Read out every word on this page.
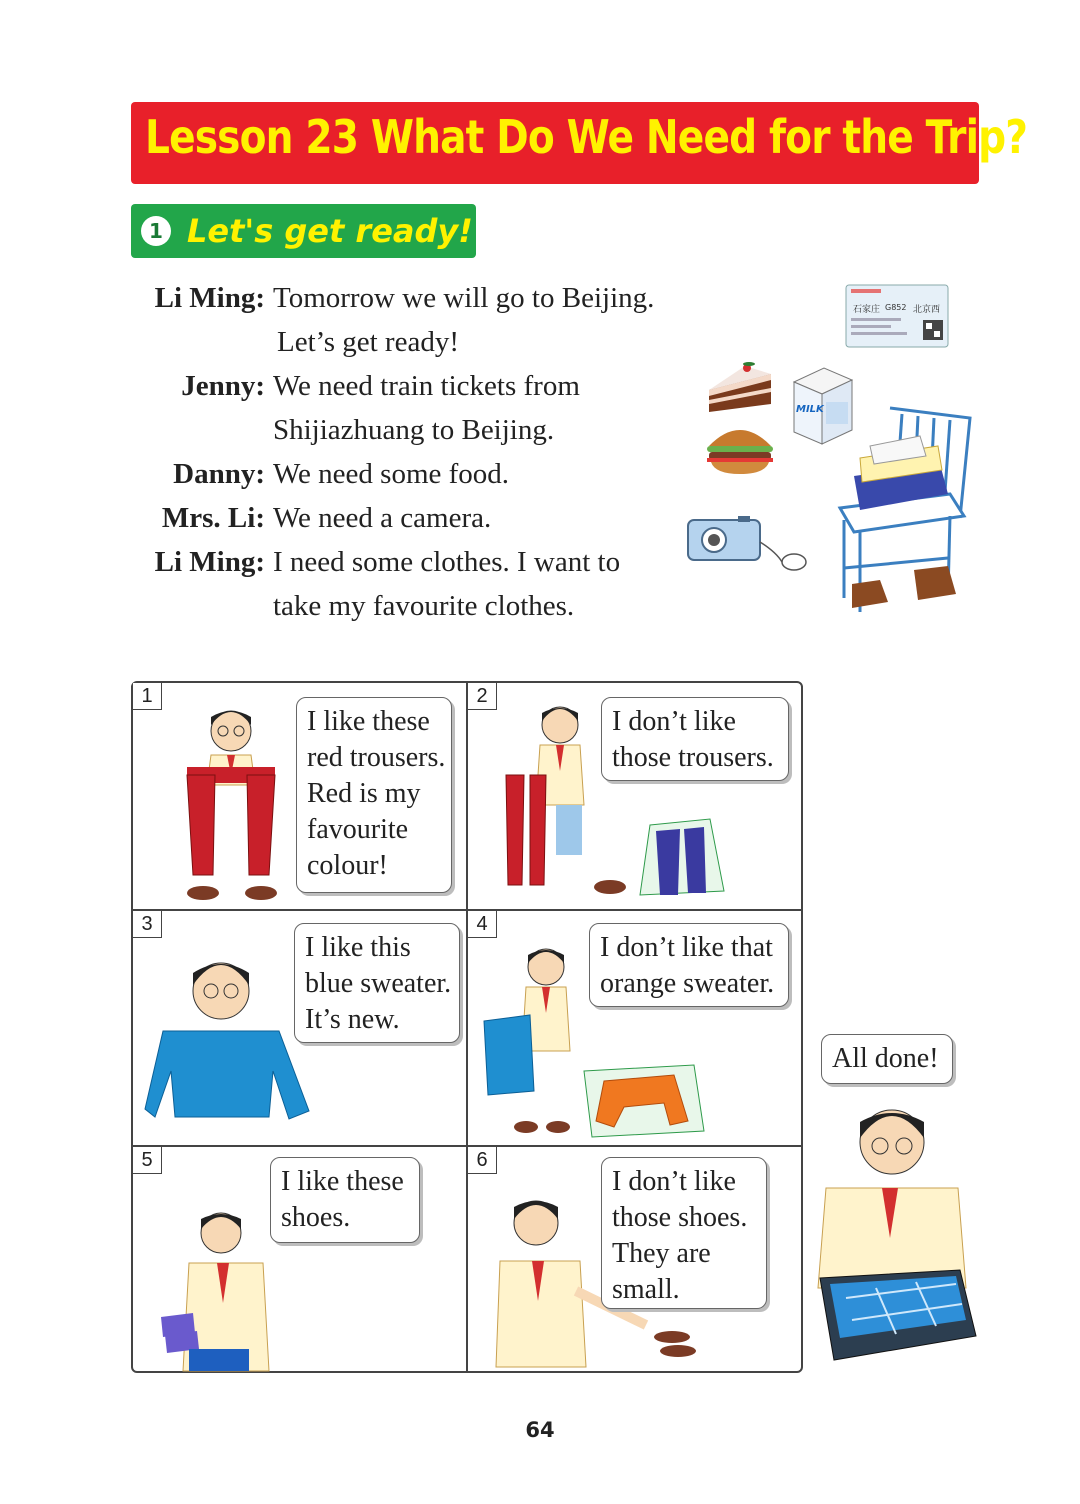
Lesson 23 What Do We Need for the Trip?
1 Let's get ready!
Li Ming: Tomorrow we will go to Beijing.
Let’s get ready!
Jenny: We need train tickets from
Shijiazhuang to Beijing.
Danny: We need some food.
Mrs. Li: We need a camera.
Li Ming: I need some clothes. I want to
take my favourite clothes.
石家庄 G852 北京西
MILK
1
I like these
red trousers.
Red is my
favourite
colour!
2
I don’t like
those trousers.
3
I like this
blue sweater.
It’s new.
4
I don’t like that
orange sweater.
5
I like these
shoes.
6
I don’t like
those shoes.
They are
small.
All done!
64
